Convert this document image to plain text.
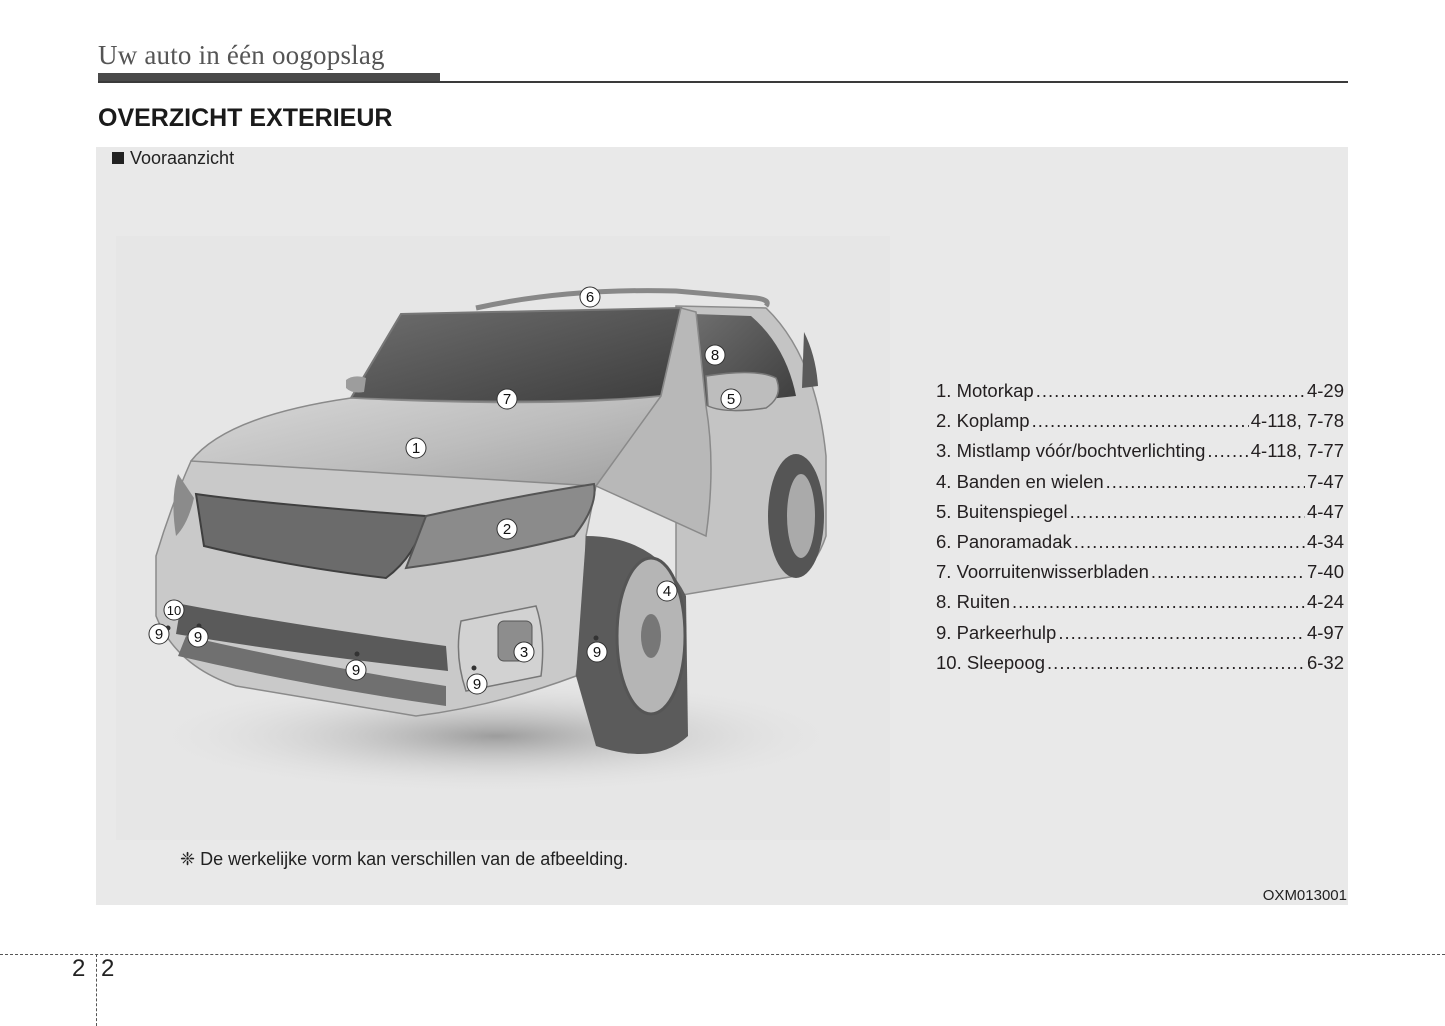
Uw auto in één oogopslag
OVERZICHT EXTERIEUR
Vooraanzicht
6
8
5
7
1
2
4
3	9
10
9 9
9
9
1. Motorkap .....	4-29
2. Koplamp .....	4-118, 7-78
3. Mistlamp vóór/bochtverlichting ..... 4-118, 7-77
4. Banden en wielen .....	7-47
5. Buitenspiegel .....	4-47
6. Panoramadak .....	4-34
7. Voorruitenwisserbladen .....	7-40
8. Ruiten .....	4-24
9. Parkeerhulp .....	4-97
10. Sleepoog .....	6-32
❈ De werkelijke vorm kan verschillen van de afbeelding.
OXM013001
2 2
